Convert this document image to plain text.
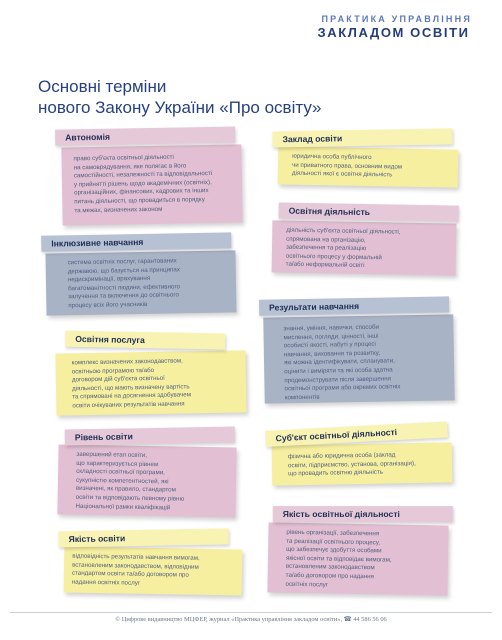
ПРАКТИКА УПРАВЛІННЯ
ЗАКЛАДОМ ОСВІТИ
Основні терміни
нового Закону України «Про освіту»
Автономія
право суб'єкта освітньої діяльності
на самоврядування, яке полягає в його
самостійності, незалежності та відповідальності
у прийнятті рішень щодо академічних (освітніх),
організаційних, фінансових, кадрових та інших
питань діяльності, що провадиться в порядку
та межах, визначених законом
Заклад освіти
юридична особа публічного
чи приватного права, основним видом
діяльності якої є освітня діяльність
Освітня діяльність
діяльність суб'єкта освітньої діяльності,
спрямована на організацію,
забезпечення та реалізацію
освітнього процесу у формальній
та/або неформальній освіті
Інклюзивне навчання
система освітніх послуг, гарантованих
державою, що базується на принципах
недискримінації, врахування
багатоманітності людини, ефективного
залучення та включення до освітнього
процесу всіх його учасників	Результати навчання
знання, уміння, навички, способи
мислення, погляди, цінності, інші
особисті якості, набуті у процесі
навчання, виховання та розвитку,
які можна ідентифікувати, спланувати,
оцінити і виміряти та які особа здатна
продемонструвати після завершення
освітньої програми або окремих освітніх
компонентів
Освітня послуга
комплекс визначених законодавством,
освітньою програмою та/або
договором дій суб'єкта освітньої
діяльності, що мають визначену вартість
та спрямовані на досягнення здобувачем
освіти очікуваних результатів навчання
Рівень освіти
завершений етап освіти,
що характеризується рівнем
складності освітньої програми,
сукупністю компетентностей, які
визначені, як правило, стандартом
освіти та відповідають певному рівню
Національної рамки кваліфікацій
Суб'єкт освітньої діяльності
фізична або юридична особа (заклад
освіти, підприємство, установа, організація),
що провадить освітню діяльність
Якість освіти
відповідність результатів навчання вимогам,
встановленим законодавством, відповідним
стандартом освіти та/або договором про
надання освітніх послуг
Якість освітньої діяльності
рівень організації, забезпечення
та реалізації освітнього процесу,
що забезпечує здобуття особами
якісної освіти та відповідає вимогам,
встановленим законодавством
та/або договором про надання
освітніх послуг
© Цифрове видавництво МЦФЕР, журнал «Практика управління закладом освіти», ☎ 44 586 56 06
